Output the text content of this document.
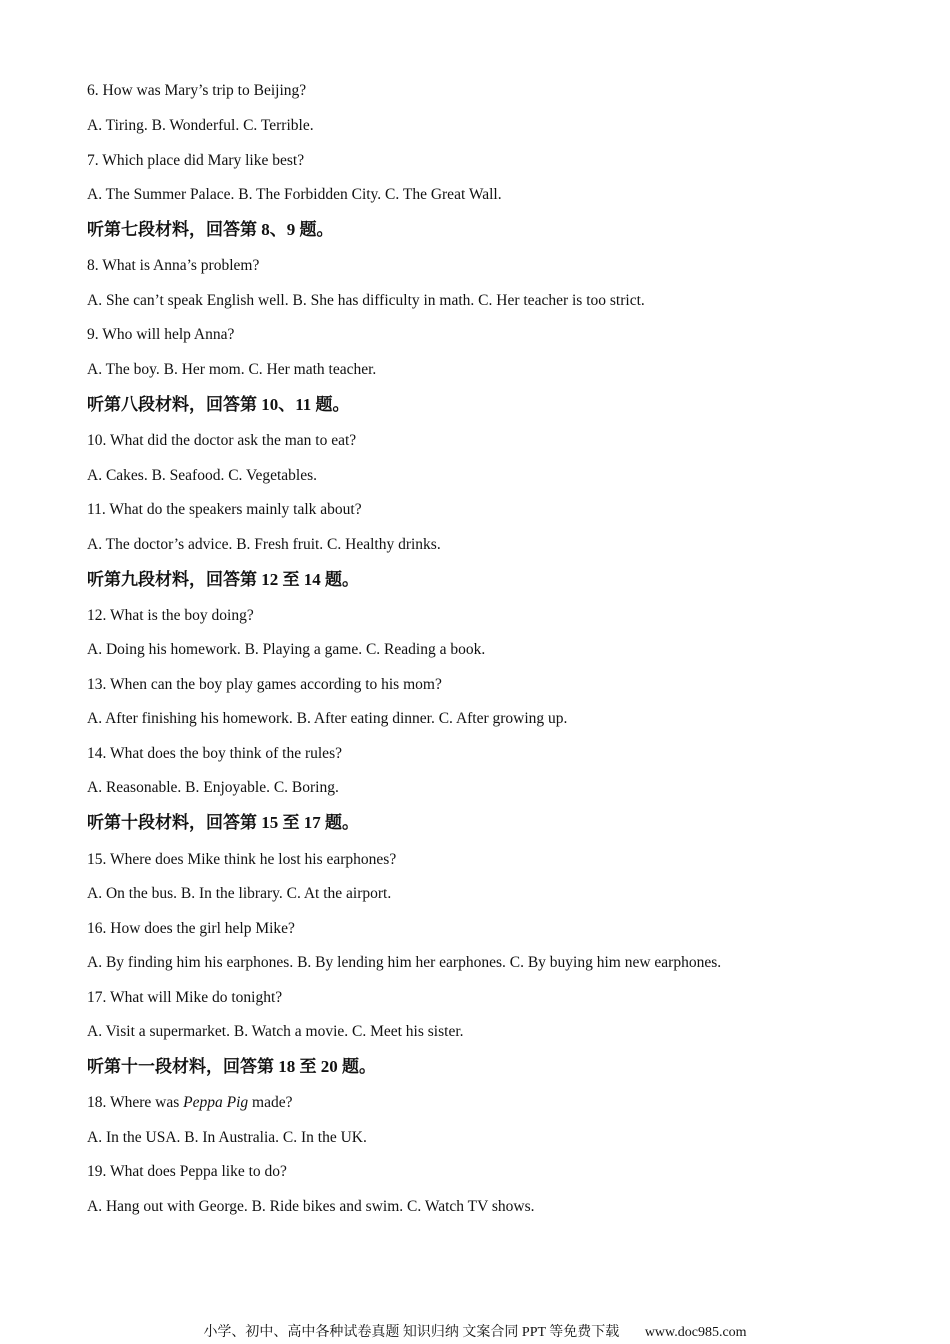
6. How was Mary’s trip to Beijing?
A. Tiring. B. Wonderful. C. Terrible.
7. Which place did Mary like best?
A. The Summer Palace. B. The Forbidden City. C. The Great Wall.
听第七段材料，回答第 8、9 题。
8. What is Anna’s problem?
A. She can’t speak English well. B. She has difficulty in math. C. Her teacher is too strict.
9. Who will help Anna?
A. The boy. B. Her mom. C. Her math teacher.
听第八段材料，回答第 10、11 题。
10. What did the doctor ask the man to eat?
A. Cakes. B. Seafood. C. Vegetables.
11. What do the speakers mainly talk about?
A. The doctor’s advice. B. Fresh fruit. C. Healthy drinks.
听第九段材料，回答第 12 至 14 题。
12. What is the boy doing?
A. Doing his homework. B. Playing a game. C. Reading a book.
13. When can the boy play games according to his mom?
A. After finishing his homework. B. After eating dinner. C. After growing up.
14. What does the boy think of the rules?
A. Reasonable. B. Enjoyable. C. Boring.
听第十段材料，回答第 15 至 17 题。
15. Where does Mike think he lost his earphones?
A. On the bus. B. In the library. C. At the airport.
16. How does the girl help Mike?
A. By finding him his earphones. B. By lending him her earphones. C. By buying him new earphones.
17. What will Mike do tonight?
A. Visit a supermarket. B. Watch a movie. C. Meet his sister.
听第十一段材料，回答第 18 至 20 题。
18. Where was Peppa Pig made?
A. In the USA. B. In Australia. C. In the UK.
19. What does Peppa like to do?
A. Hang out with George. B. Ride bikes and swim. C. Watch TV shows.
小学、初中、高中各种试卷真题 知识归纳 文案合同 PPT 等免费下载 www.doc985.com
